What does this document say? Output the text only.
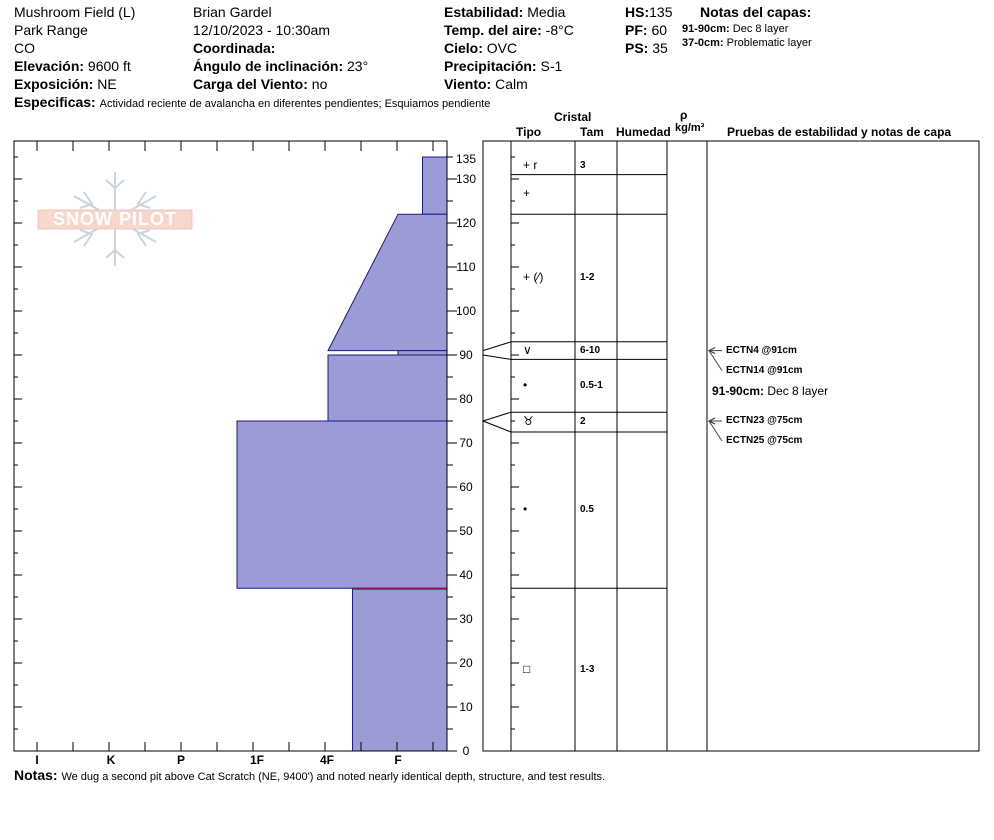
Mushroom Field (L)
Park Range
CO
Elevación: 9600 ft
Exposición: NE
Especificas: Actividad reciente de avalancha en diferentes pendientes; Esquiamos pendiente
Brian Gardel
12/10/2023 - 10:30am
Coordinada:
Ángulo de inclinación: 23°
Carga del Viento: no
Estabilidad: Media
Temp. del aire: -8°C
Cielo: OVC
Precipitación: S-1
Viento: Calm
HS:135
PF: 60
PS: 35
Notas del capas:
91-90cm: Dec 8 layer
37-0cm: Problematic layer
Cristal
Tipo	Tam Humedad
ρ
kg/m³ Pruebas de estabilidad y notas de capa
SNOW PILOT
I	K	P	1F	4F	F
0
10
20
30
40
50
60
70
80
90
100
110
120
130
135	+ r	3
+
+ (⁄)	1-2
∨	6-10
•	0.5-1
♉	2
•	0.5
□	1-3
ECTN23 @75cm
ECTN25 @75cm
ECTN4 @91cm
ECTN14 @91cm
91-90cm: Dec 8 layer
Notas: We dug a second pit above Cat Scratch (NE, 9400') and noted nearly identical depth, structure, and test results.
